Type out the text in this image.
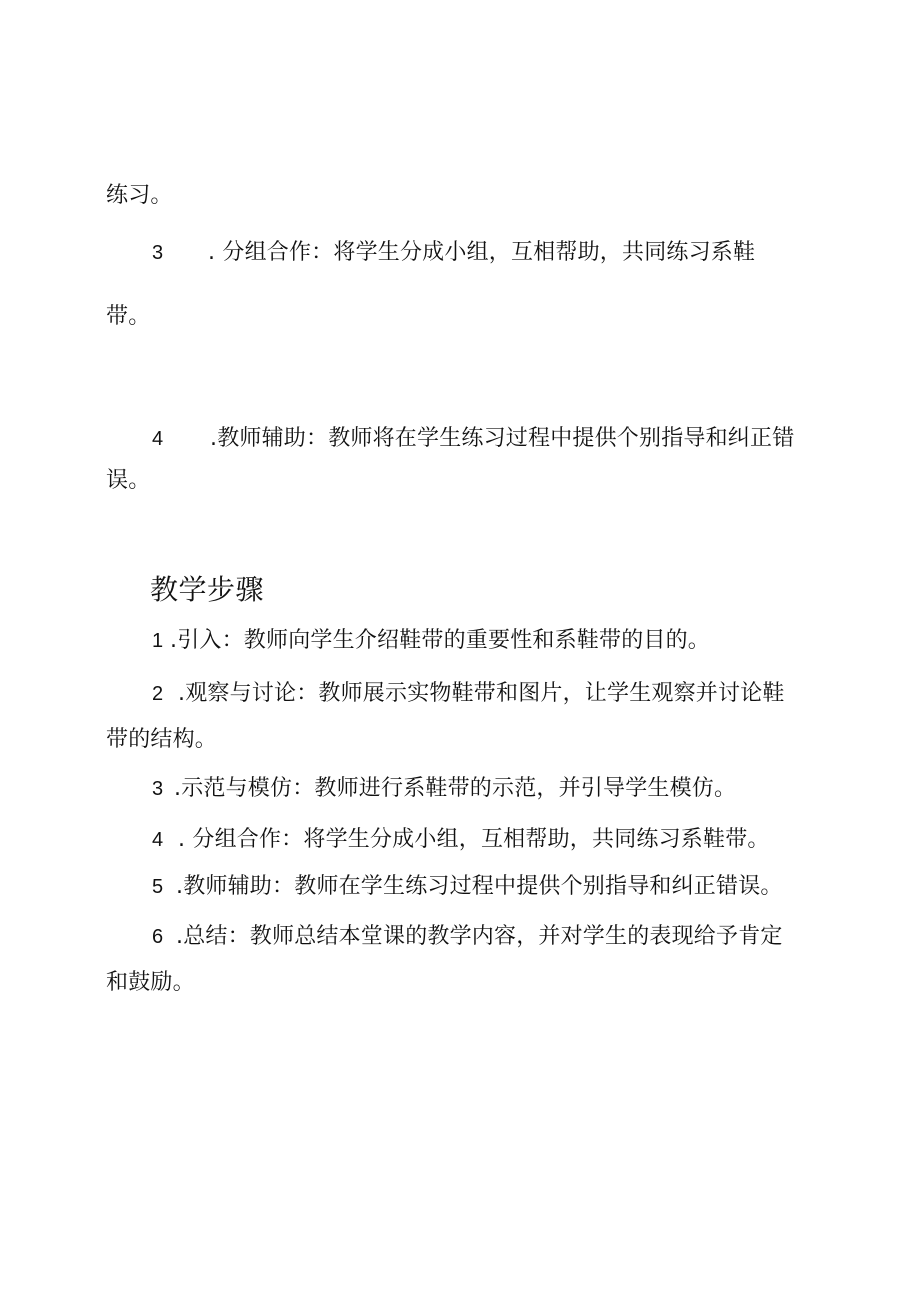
练习。
3 . 分组合作：将学生分成小组，互相帮助，共同练习系鞋
带。
4 .教师辅助：教师将在学生练习过程中提供个别指导和纠正错
误。
教学步骤
1 .引入：教师向学生介绍鞋带的重要性和系鞋带的目的。
2 .观察与讨论：教师展示实物鞋带和图片，让学生观察并讨论鞋
带的结构。
3 .示范与模仿：教师进行系鞋带的示范，并引导学生模仿。
4 . 分组合作：将学生分成小组，互相帮助，共同练习系鞋带。
5 .教师辅助：教师在学生练习过程中提供个别指导和纠正错误。
6 .总结：教师总结本堂课的教学内容，并对学生的表现给予肯定
和鼓励。
